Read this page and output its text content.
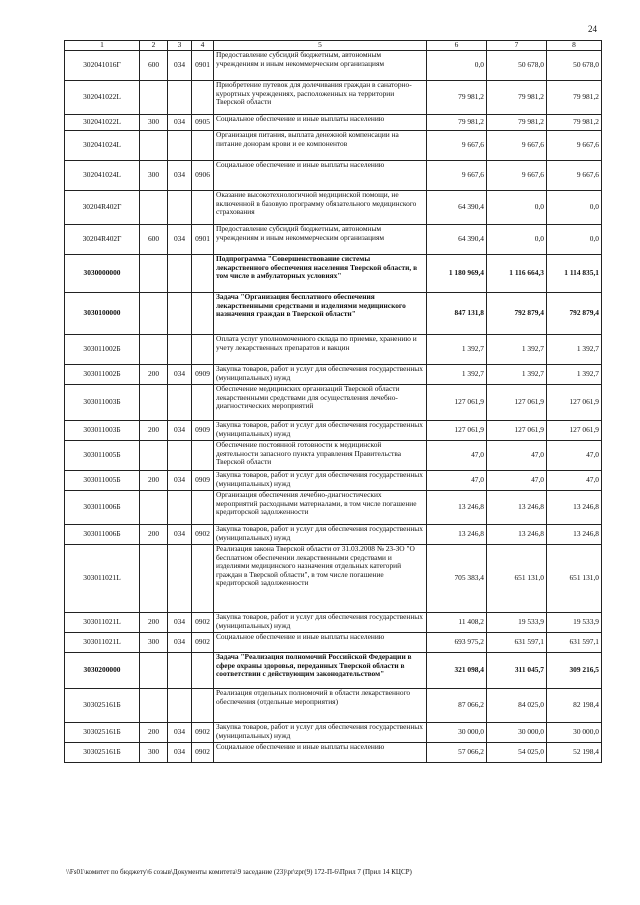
24
1	2	3	4	5	6	7	8
302041016Г	600	034	0901	Предоставление субсидий бюджетным, автономным учреждениям и иным некоммерческим организациям	0,0	50 678,0	50 678,0
302041022L				Приобретение путевок для долечивания граждан в санаторно-курортных учреждениях, расположенных на территории Тверской области	79 981,2	79 981,2	79 981,2
302041022L	300	034	0905	Социальное обеспечение и иные выплаты населению	79 981,2	79 981,2	79 981,2
302041024L				Организация питания, выплата денежной компенсации на питание донорам крови и ее компонентов	9 667,6	9 667,6	9 667,6
302041024L	300	034	0906	Социальное обеспечение и иные выплаты населению	9 667,6	9 667,6	9 667,6
30204R402Г				Оказание высокотехнологичной медицинской помощи, не включенной в базовую программу обязательного медицинского страхования	64 390,4	0,0	0,0
30204R402Г	600	034	0901	Предоставление субсидий бюджетным, автономным учреждениям и иным некоммерческим организациям	64 390,4	0,0	0,0
3030000000				Подпрограмма "Совершенствование системы лекарственного обеспечения населения Тверской области, в том числе в амбулаторных условиях"	1 180 969,4	1 116 664,3	1 114 835,1
3030100000				Задача "Организация бесплатного обеспечения лекарственными средствами и изделиями медицинского назначения граждан в Тверской области"	847 131,8	792 879,4	792 879,4
303011002Б				Оплата услуг уполномоченного склада по приемке, хранению и учету лекарственных препаратов и вакцин	1 392,7	1 392,7	1 392,7
303011002Б	200	034	0909	Закупка товаров, работ и услуг для обеспечения государственных (муниципальных) нужд	1 392,7	1 392,7	1 392,7
303011003Б				Обеспечение медицинских организаций Тверской области лекарственными средствами для осуществления лечебно-диагностических мероприятий	127 061,9	127 061,9	127 061,9
303011003Б	200	034	0909	Закупка товаров, работ и услуг для обеспечения государственных (муниципальных) нужд	127 061,9	127 061,9	127 061,9
303011005Б				Обеспечение постоянной готовности к медицинской деятельности запасного пункта управления Правительства Тверской области	47,0	47,0	47,0
303011005Б	200	034	0909	Закупка товаров, работ и услуг для обеспечения государственных (муниципальных) нужд	47,0	47,0	47,0
303011006Б				Организация обеспечения лечебно-диагностических мероприятий расходными материалами, в том числе погашение кредиторской задолженности	13 246,8	13 246,8	13 246,8
303011006Б	200	034	0902	Закупка товаров, работ и услуг для обеспечения государственных (муниципальных) нужд	13 246,8	13 246,8	13 246,8
303011021L				Реализация закона Тверской области от 31.03.2008 № 23-ЗО "О бесплатном обеспечении лекарственными средствами и изделиями медицинского назначения отдельных категорий граждан в Тверской области", в том числе погашение кредиторской задолженности	705 383,4	651 131,0	651 131,0
303011021L	200	034	0902	Закупка товаров, работ и услуг для обеспечения государственных (муниципальных) нужд	11 408,2	19 533,9	19 533,9
303011021L	300	034	0902	Социальное обеспечение и иные выплаты населению	693 975,2	631 597,1	631 597,1
3030200000				Задача "Реализация полномочий Российской Федерации в сфере охраны здоровья, переданных Тверской области в соответствии с действующим законодательством"	321 098,4	311 045,7	309 216,5
303025161Б				Реализация отдельных полномочий в области лекарственного обеспечения (отдельные мероприятия)	87 066,2	84 025,0	82 198,4
303025161Б	200	034	0902	Закупка товаров, работ и услуг для обеспечения государственных (муниципальных) нужд	30 000,0	30 000,0	30 000,0
303025161Б	300	034	0902	Социальное обеспечение и иные выплаты населению	57 066,2	54 025,0	52 198,4
\\Fs01\комитет по бюджету\6 созыв\Документы комитета\9 заседание (23)\pr\zpr(9) 172-П-6\Прил 7 (Прил 14 КЦСР)
